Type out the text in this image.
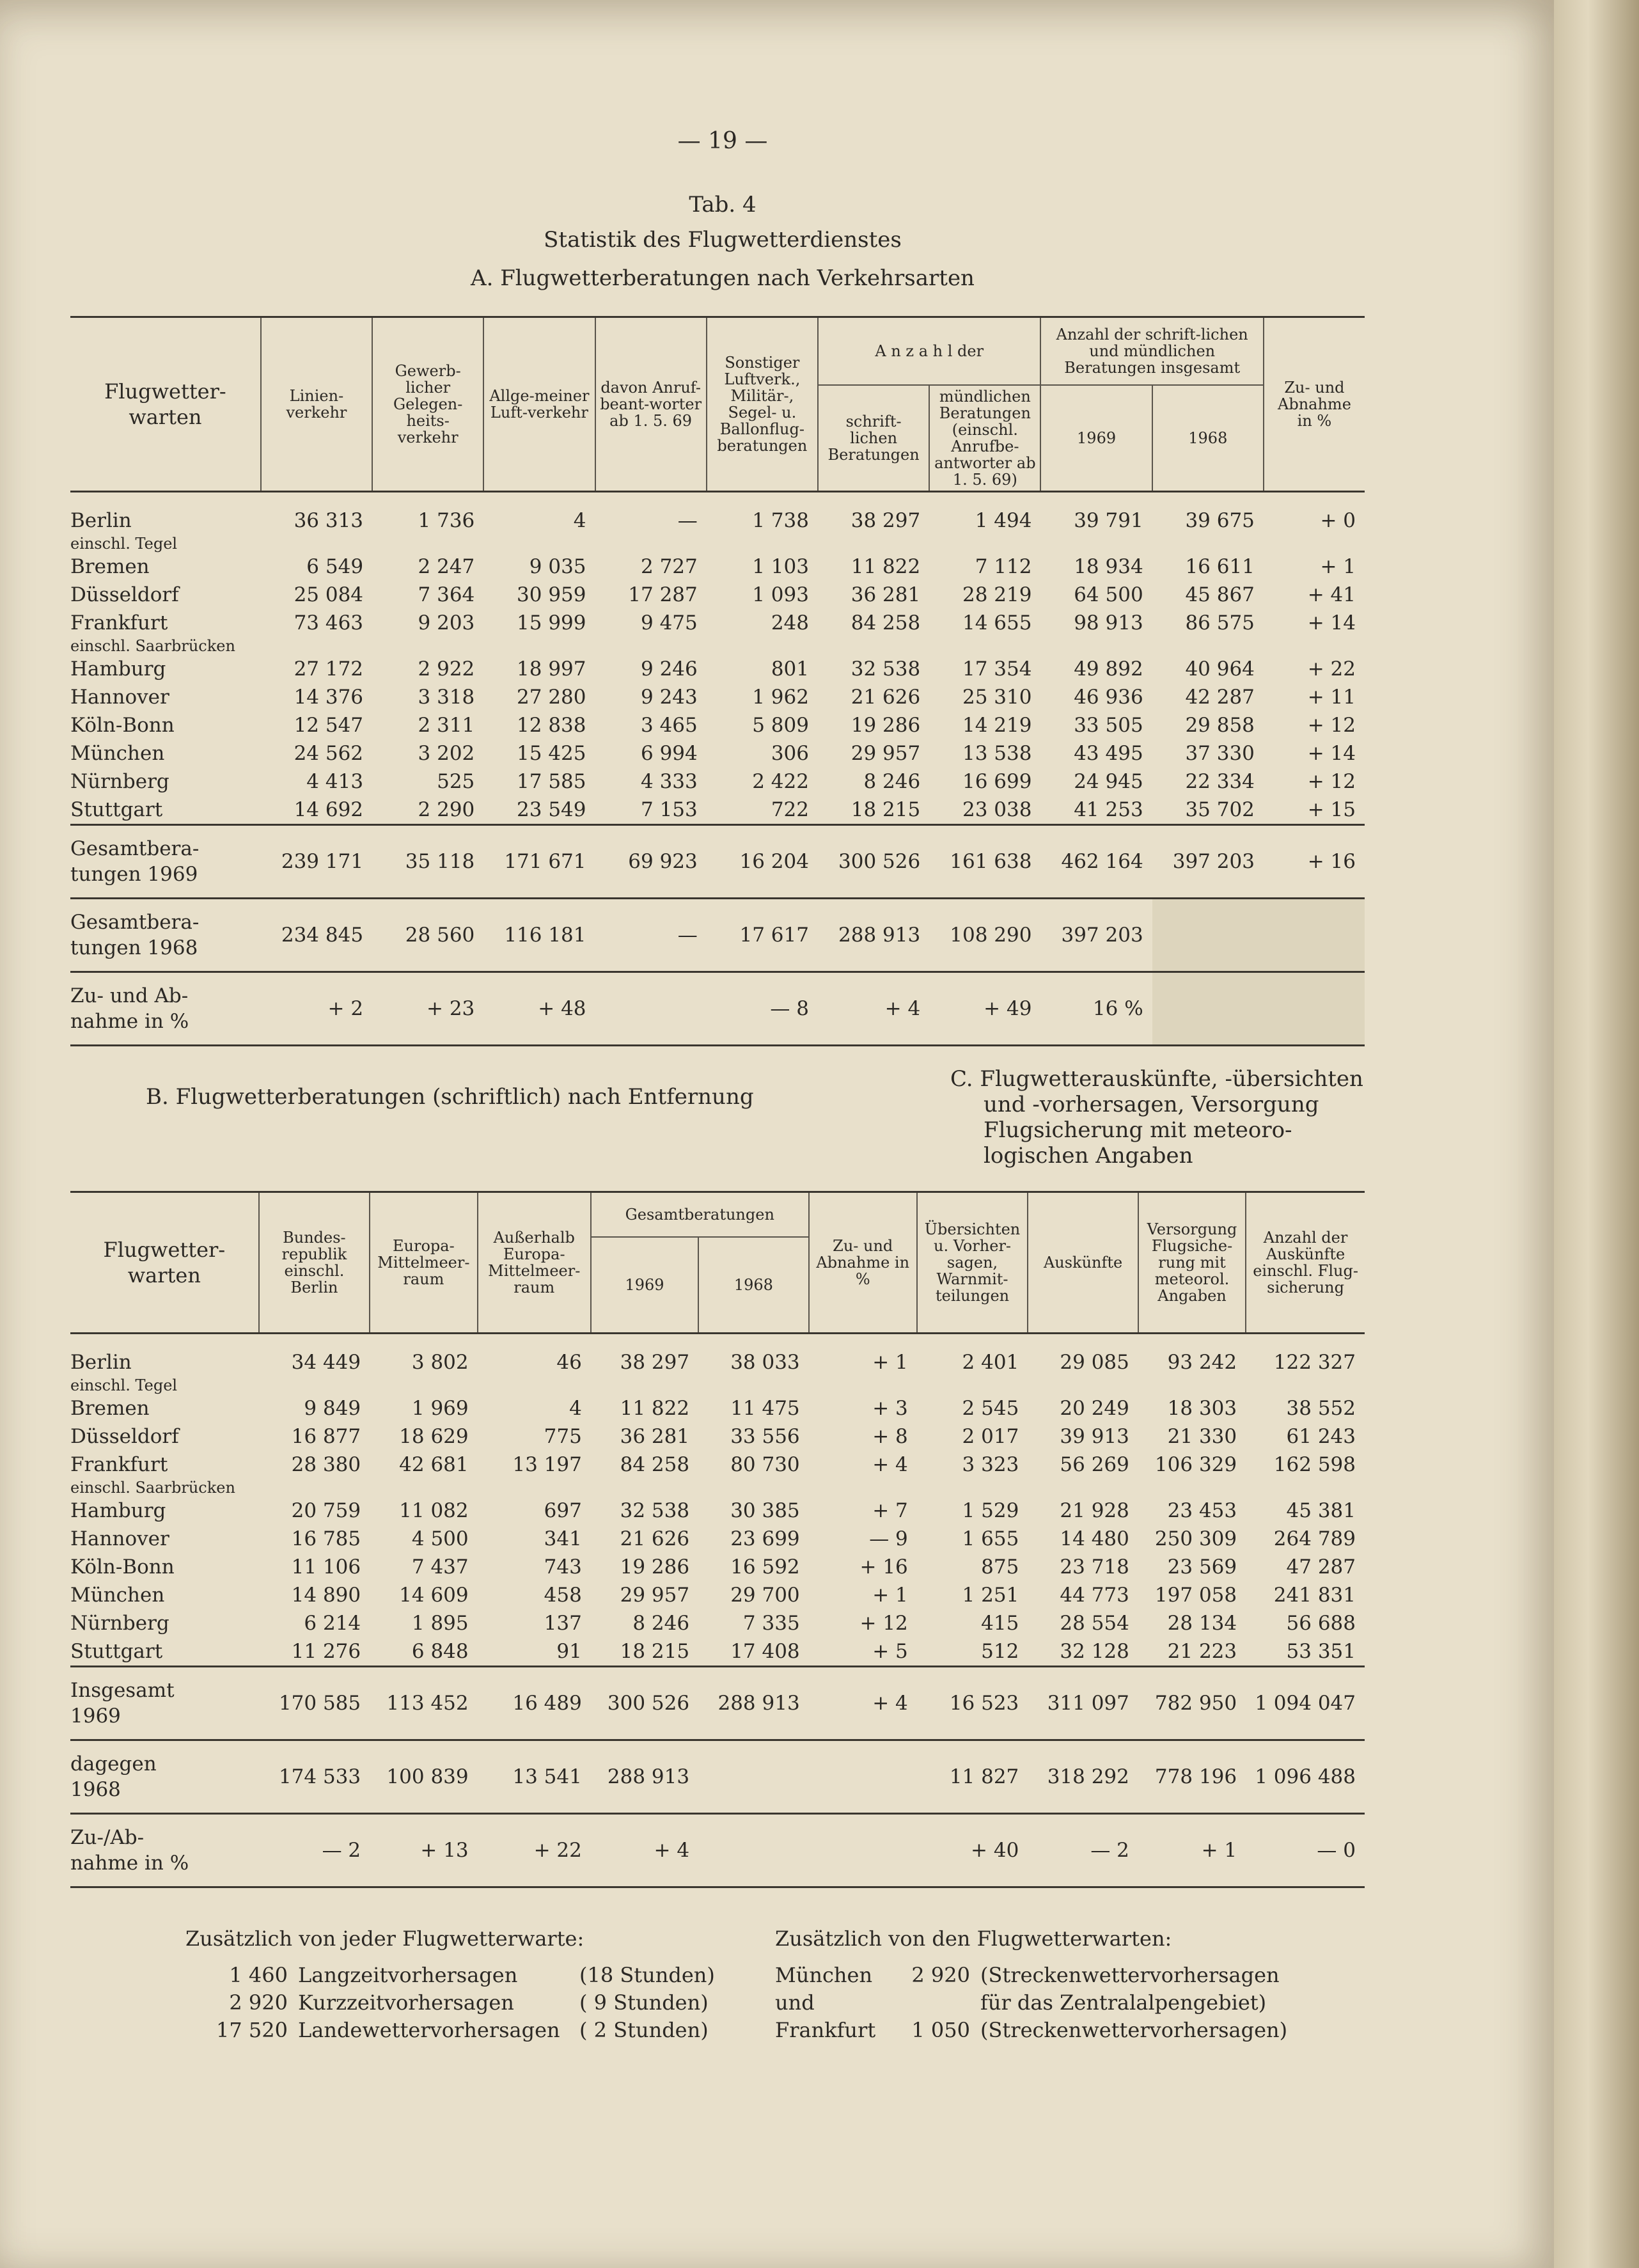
— 19 —
Tab. 4
Statistik des Flugwetterdienstes
A. Flugwetterberatungen nach Verkehrsarten
Flugwetter-warten	Linien-verkehr	Gewerb-licher Gelegen-heits-verkehr	Allge-meiner Luft-verkehr	davon Anruf-beant-worter ab 1. 5. 69	Sonstiger Luftverk., Militär-, Segel- u. Ballonflug-beratungen	A n z a h l der		Anzahl der schrift-lichen und mündlichen Beratungen insgesamt		Zu- und Abnahme in %
						schrift-lichen Beratungen	mündlichen Beratungen (einschl. Anrufbe-antworter ab 1. 5. 69)			
								1969	1968	

Berlin	36 313	1 736	4	—	1 738	38 297	1 494	39 791	39 675	+ 0
einschl. Tegel										
Bremen	6 549	2 247	9 035	2 727	1 103	11 822	7 112	18 934	16 611	+ 1
Düsseldorf	25 084	7 364	30 959	17 287	1 093	36 281	28 219	64 500	45 867	+ 41
Frankfurt	73 463	9 203	15 999	9 475	248	84 258	14 655	98 913	86 575	+ 14
einschl. Saarbrücken										
Hamburg	27 172	2 922	18 997	9 246	801	32 538	17 354	49 892	40 964	+ 22
Hannover	14 376	3 318	27 280	9 243	1 962	21 626	25 310	46 936	42 287	+ 11
Köln-Bonn	12 547	2 311	12 838	3 465	5 809	19 286	14 219	33 505	29 858	+ 12
München	24 562	3 202	15 425	6 994	306	29 957	13 538	43 495	37 330	+ 14
Nürnberg	4 413	525	17 585	4 333	2 422	8 246	16 699	24 945	22 334	+ 12
Stuttgart	14 692	2 290	23 549	7 153	722	18 215	23 038	41 253	35 702	+ 15

Gesamtbera-
tungen 1969	239 171	35 118	171 671	69 923	16 204	300 526	161 638	462 164	397 203	+ 16

Gesamtbera-
tungen 1968	234 845	28 560	116 181	—	17 617	288 913	108 290	397 203		

Zu- und Ab-
nahme in %	+ 2	+ 23	+ 48		— 8	+ 4	+ 49	16 %		
B. Flugwetterberatungen (schriftlich) nach Entfernung
C. Flugwetterauskünfte, -übersichten
und -vorhersagen, Versorgung
Flugsicherung mit meteoro-
logischen Angaben
Flugwetter-warten	Bundes-republik einschl. Berlin	Europa-Mittelmeer-raum	Außerhalb Europa-Mittelmeer-raum	Gesamtberatungen		Zu- und Abnahme in %	Übersichten u. Vorher-sagen, Warnmit-teilungen	Auskünfte	Versorgung Flugsiche-rung mit meteorol. Angaben	Anzahl der Auskünfte einschl. Flug-sicherung
				1969	1968					

Berlin	34 449	3 802	46	38 297	38 033	+ 1	2 401	29 085	93 242	122 327
einschl. Tegel										
Bremen	9 849	1 969	4	11 822	11 475	+ 3	2 545	20 249	18 303	38 552
Düsseldorf	16 877	18 629	775	36 281	33 556	+ 8	2 017	39 913	21 330	61 243
Frankfurt	28 380	42 681	13 197	84 258	80 730	+ 4	3 323	56 269	106 329	162 598
einschl. Saarbrücken										
Hamburg	20 759	11 082	697	32 538	30 385	+ 7	1 529	21 928	23 453	45 381
Hannover	16 785	4 500	341	21 626	23 699	— 9	1 655	14 480	250 309	264 789
Köln-Bonn	11 106	7 437	743	19 286	16 592	+ 16	875	23 718	23 569	47 287
München	14 890	14 609	458	29 957	29 700	+ 1	1 251	44 773	197 058	241 831
Nürnberg	6 214	1 895	137	8 246	7 335	+ 12	415	28 554	28 134	56 688
Stuttgart	11 276	6 848	91	18 215	17 408	+ 5	512	32 128	21 223	53 351

Insgesamt
1969	170 585	113 452	16 489	300 526	288 913	+ 4	16 523	311 097	782 950	1 094 047

dagegen
1968	174 533	100 839	13 541	288 913			11 827	318 292	778 196	1 096 488

Zu-/Ab-
nahme in %	— 2	+ 13	+ 22	+ 4			+ 40	— 2	+ 1	— 0
Zusätzlich von jeder Flugwetterwarte:
1 460 Langzeitvorhersagen	(18 Stunden)
2 920 Kurzzeitvorhersagen	( 9 Stunden)
17 520 Landewettervorhersagen ( 2 Stunden)
Zusätzlich von den Flugwetterwarten:
München	2 920 (Streckenwettervorhersagen
und	für das Zentralalpengebiet)
Frankfurt	1 050 (Streckenwettervorhersagen)
